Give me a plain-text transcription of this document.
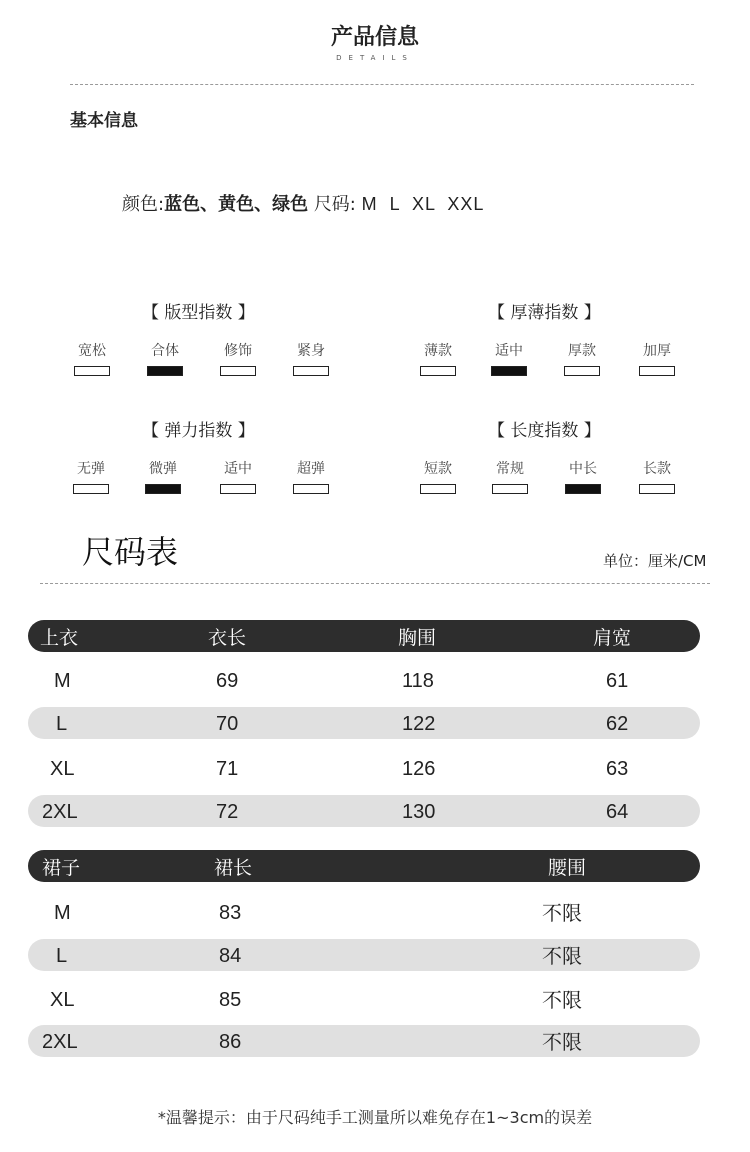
产品信息
DETAILS
基本信息
颜色:蓝色、黄色、绿色 尺码: M  L  XL  XXL
【 版型指数 】
宽松	合体	修饰	紧身
【 厚薄指数 】
薄款	适中	厚款	加厚
【 弹力指数 】
无弹	微弹	适中	超弹
【 长度指数 】
短款	常规	中长	长款
尺码表	单位：厘米/CM
上衣	衣长	胸围	肩宽
M	69	118	61
L	70	122	62
XL	71	126	63
2XL	72	130	64
裙子	裙长	腰围
M	83	不限
L	84	不限
XL	85	不限
2XL	86	不限
*温馨提示：由于尺码纯手工测量所以难免存在1~3cm的误差
